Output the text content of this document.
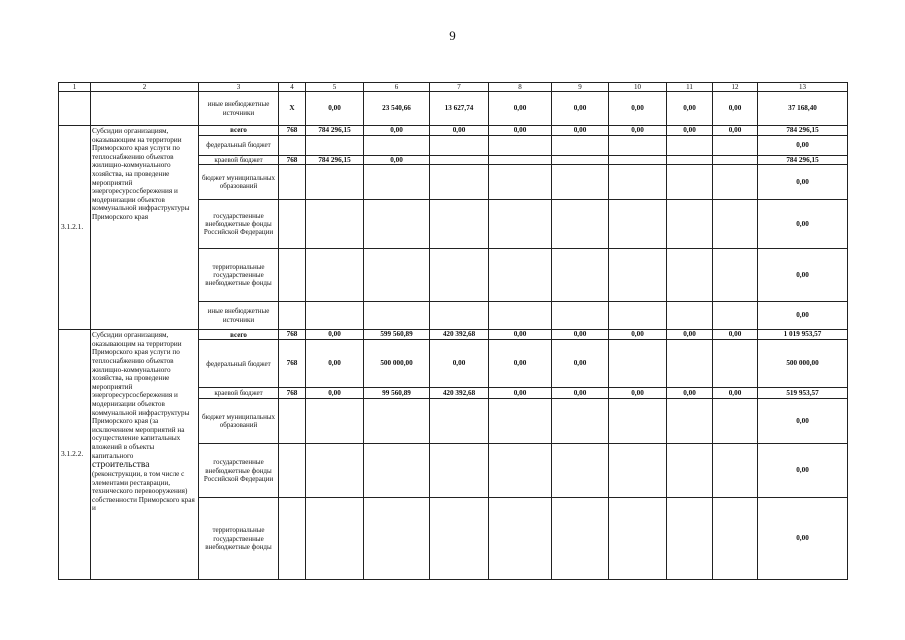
9
1	2	3	4	5	6	7	8	9	10	11	12	13
		иные внебюджетные источники	Х	0,00	23 540,66	13 627,74	0,00	0,00	0,00	0,00	0,00	37 168,40
3.1.2.1.	Субсидии организациям, оказывающим на территории Приморского края услуги по теплоснабжению объектов жилищно-коммунального хозяйства, на проведение мероприятий энергоресурсосбережения и модернизации объектов коммунальной инфраструктуры Приморского края	всего	768	784 296,15	0,00	0,00	0,00	0,00	0,00	0,00	0,00	784 296,15
		федеральный бюджет										0,00
		краевой бюджет	768	784 296,15	0,00							784 296,15
		бюджет муниципальных образований										0,00
		государственные внебюджетные фонды Российской Федерации										0,00
		территориальные государственные внебюджетные фонды										0,00
		иные внебюджетные источники										0,00
3.1.2.2.	Субсидии организациям, оказывающим на территории Приморского края услуги по теплоснабжению объектов жилищно-коммунального хозяйства, на проведение мероприятий энергоресурсосбережения и модернизации объектов коммунальной инфраструктуры Приморского края (за исключением мероприятий на осуществление капитальных вложений в объекты капитального
строительства
(реконструкции, в том числе с элементами реставрации, технического перевооружения) собственности Приморского края и	всего	768	0,00	599 560,89	420 392,68	0,00	0,00	0,00	0,00	0,00	1 019 953,57
		федеральный бюджет	768	0,00	500 000,00	0,00	0,00	0,00				500 000,00
		краевой бюджет	768	0,00	99 560,89	420 392,68	0,00	0,00	0,00	0,00	0,00	519 953,57
		бюджет муниципальных образований										0,00
		государственные внебюджетные фонды Российской Федерации										0,00
		территориальные государственные внебюджетные фонды										0,00
